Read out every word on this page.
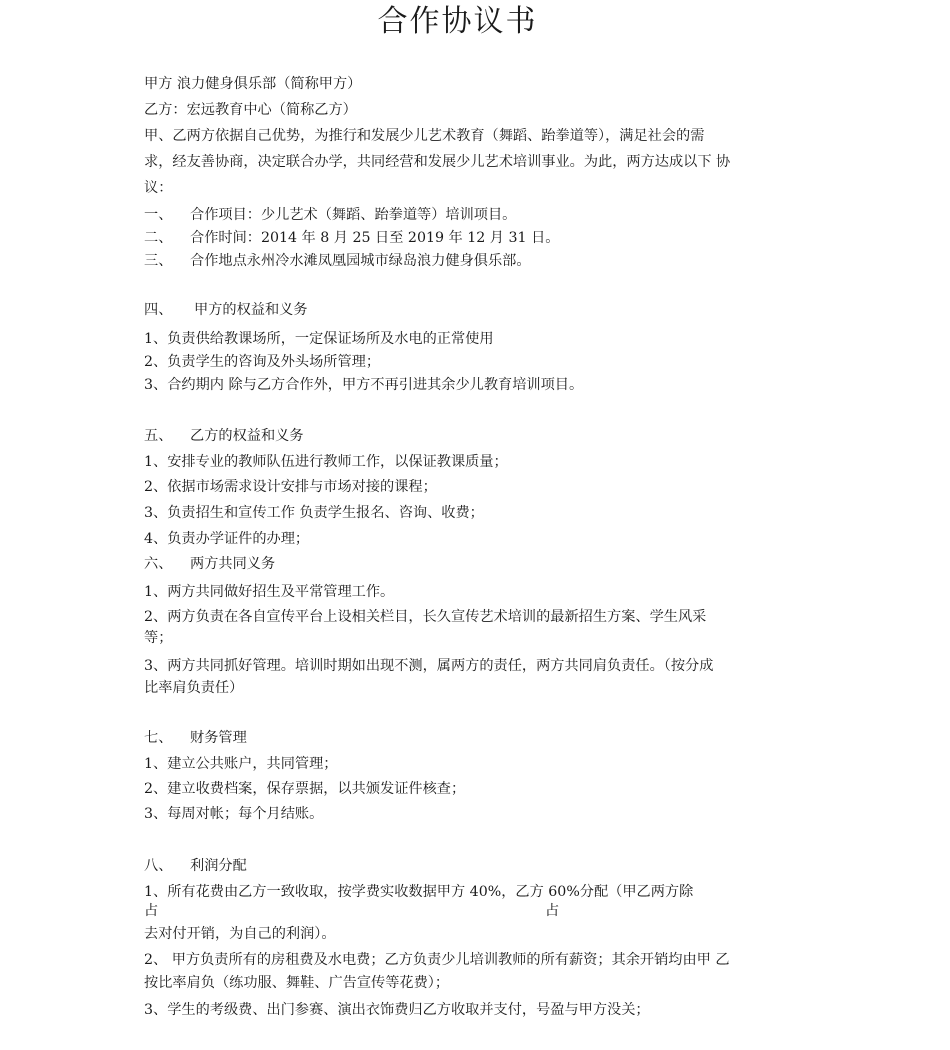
合作协议书
甲方 浪力健身俱乐部（简称甲方）
乙方：宏远教育中心（简称乙方）
甲、乙两方依据自己优势，为推行和发展少儿艺术教育（舞蹈、跆拳道等），满足社会的需
求，经友善协商，决定联合办学，共同经营和发展少儿艺术培训事业。为此，两方达成以下 协
议：
一、 合作项目：少儿艺术（舞蹈、跆拳道等）培训项目。
二、 合作时间：2014 年 8 月 25 日至 2019 年 12 月 31 日。
三、 合作地点永州冷水滩凤凰园城市绿岛浪力健身俱乐部。
四、 甲方的权益和义务
1、负责供给教课场所，一定保证场所及水电的正常使用
2、负责学生的咨询及外头场所管理；
3、合约期内 除与乙方合作外，甲方不再引进其余少儿教育培训项目。
五、 乙方的权益和义务
1、安排专业的教师队伍进行教师工作，以保证教课质量；
2、依据市场需求设计安排与市场对接的课程；
3、负责招生和宣传工作 负责学生报名、咨询、收费；
4、负责办学证件的办理；
六、 两方共同义务
1、两方共同做好招生及平常管理工作。
2、两方负责在各自宣传平台上设相关栏目，长久宣传艺术培训的最新招生方案、学生风采
等；
3、两方共同抓好管理。培训时期如出现不测，属两方的责任，两方共同肩负责任。（按分成
比率肩负责任）
七、 财务管理
1、建立公共账户，共同管理；
2、建立收费档案，保存票据，以共颁发证件核查；
3、每周对帐；每个月结账。
八、 利润分配
1、所有花费由乙方一致收取，按学费实收数据甲方 40%，乙方 60%分配（甲乙两方除
占	占
去对付开销，为自己的利润）。
2、 甲方负责所有的房租费及水电费；乙方负责少儿培训教师的所有薪资；其余开销均由甲 乙
按比率肩负（练功服、舞鞋、广告宣传等花费）；
3、学生的考级费、出门参赛、演出衣饰费归乙方收取并支付，号盈与甲方没关；
